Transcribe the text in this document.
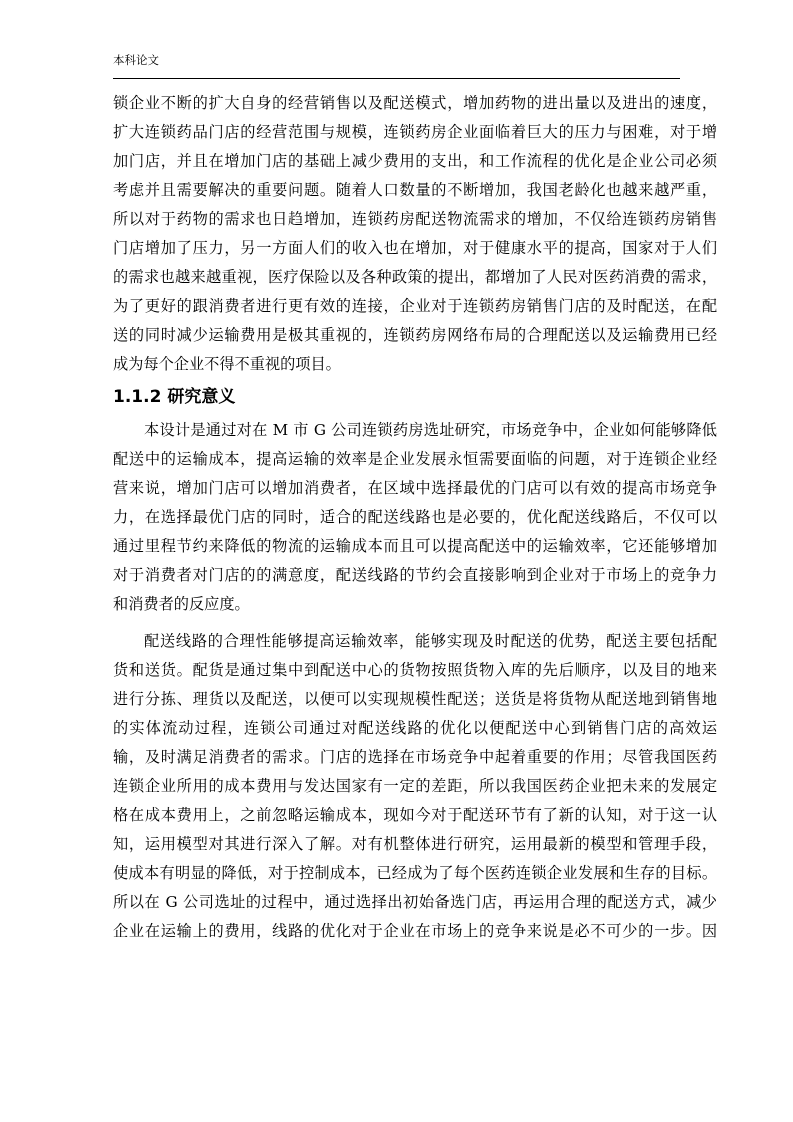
本科论文
锁企业不断的扩大自身的经营销售以及配送模式，增加药物的进出量以及进出的速度，
扩大连锁药品门店的经营范围与规模，连锁药房企业面临着巨大的压力与困难，对于增
加门店，并且在增加门店的基础上减少费用的支出，和工作流程的优化是企业公司必须
考虑并且需要解决的重要问题。随着人口数量的不断增加，我国老龄化也越来越严重，
所以对于药物的需求也日趋增加，连锁药房配送物流需求的增加，不仅给连锁药房销售
门店增加了压力，另一方面人们的收入也在增加，对于健康水平的提高，国家对于人们
的需求也越来越重视，医疗保险以及各种政策的提出，都增加了人民对医药消费的需求，
为了更好的跟消费者进行更有效的连接，企业对于连锁药房销售门店的及时配送，在配
送的同时减少运输费用是极其重视的，连锁药房网络布局的合理配送以及运输费用已经
成为每个企业不得不重视的项目。
1.1.2 研究意义
本设计是通过对在 M 市 G 公司连锁药房选址研究，市场竞争中，企业如何能够降低
配送中的运输成本，提高运输的效率是企业发展永恒需要面临的问题，对于连锁企业经
营来说，增加门店可以增加消费者，在区域中选择最优的门店可以有效的提高市场竞争
力，在选择最优门店的同时，适合的配送线路也是必要的，优化配送线路后，不仅可以
通过里程节约来降低的物流的运输成本而且可以提高配送中的运输效率，它还能够增加
对于消费者对门店的的满意度，配送线路的节约会直接影响到企业对于市场上的竞争力
和消费者的反应度。
配送线路的合理性能够提高运输效率，能够实现及时配送的优势，配送主要包括配
货和送货。配货是通过集中到配送中心的货物按照货物入库的先后顺序，以及目的地来
进行分拣、理货以及配送，以便可以实现规模性配送；送货是将货物从配送地到销售地
的实体流动过程，连锁公司通过对配送线路的优化以便配送中心到销售门店的高效运
输，及时满足消费者的需求。门店的选择在市场竞争中起着重要的作用；尽管我国医药
连锁企业所用的成本费用与发达国家有一定的差距，所以我国医药企业把未来的发展定
格在成本费用上，之前忽略运输成本，现如今对于配送环节有了新的认知，对于这一认
知，运用模型对其进行深入了解。对有机整体进行研究，运用最新的模型和管理手段，
使成本有明显的降低，对于控制成本，已经成为了每个医药连锁企业发展和生存的目标。
所以在 G 公司选址的过程中，通过选择出初始备选门店，再运用合理的配送方式，减少
企业在运输上的费用，线路的优化对于企业在市场上的竞争来说是必不可少的一步。因
